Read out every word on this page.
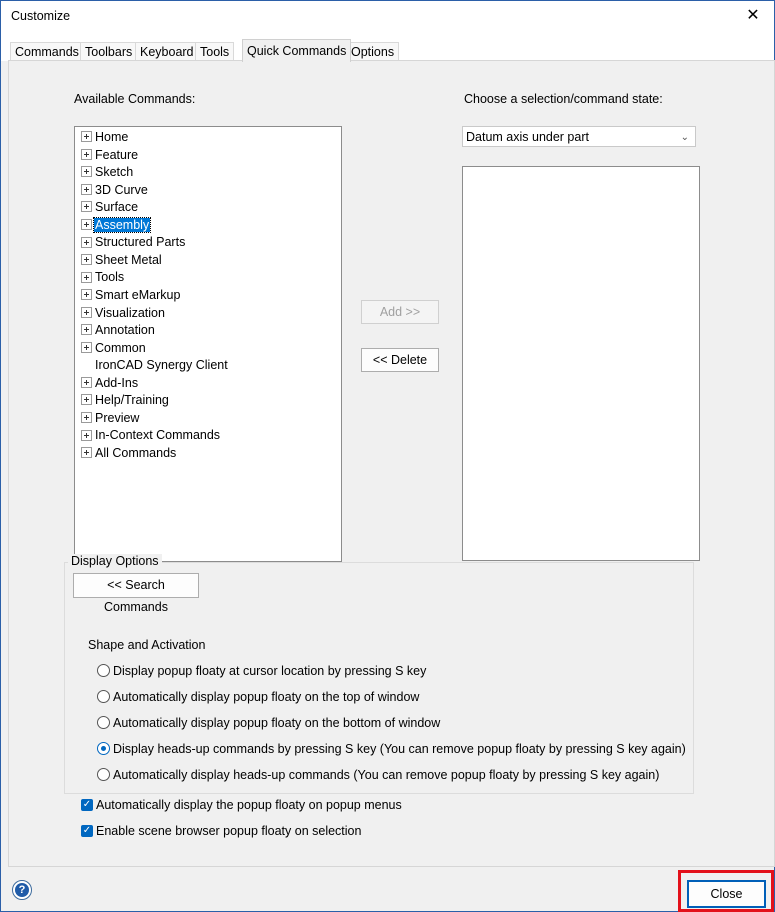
Customize	✕
Commands Toolbars Keyboard Tools	Quick Commands Options
Available Commands:	Choose a selection/command state:
Home
Feature
Sketch
3D Curve
Surface
Assembly
Structured Parts
Sheet Metal
Tools
Smart eMarkup
Visualization
Annotation
Common
IronCAD Synergy Client
Add-Ins
Help/Training
Preview
In-Context Commands
All Commands
Add >>
<< Delete
Datum axis under part	⌄
<< Search Commands
Display Options
Shape and Activation
Display popup floaty at cursor location by pressing S key
Automatically display popup floaty on the top of window
Automatically display popup floaty on the bottom of window
Display heads-up commands by pressing S key (You can remove popup floaty by pressing S key again)
Automatically display heads-up commands (You can remove popup floaty by pressing S key again)
✓ Automatically display the popup floaty on popup menus
✓ Enable scene browser popup floaty on selection
?	Close
